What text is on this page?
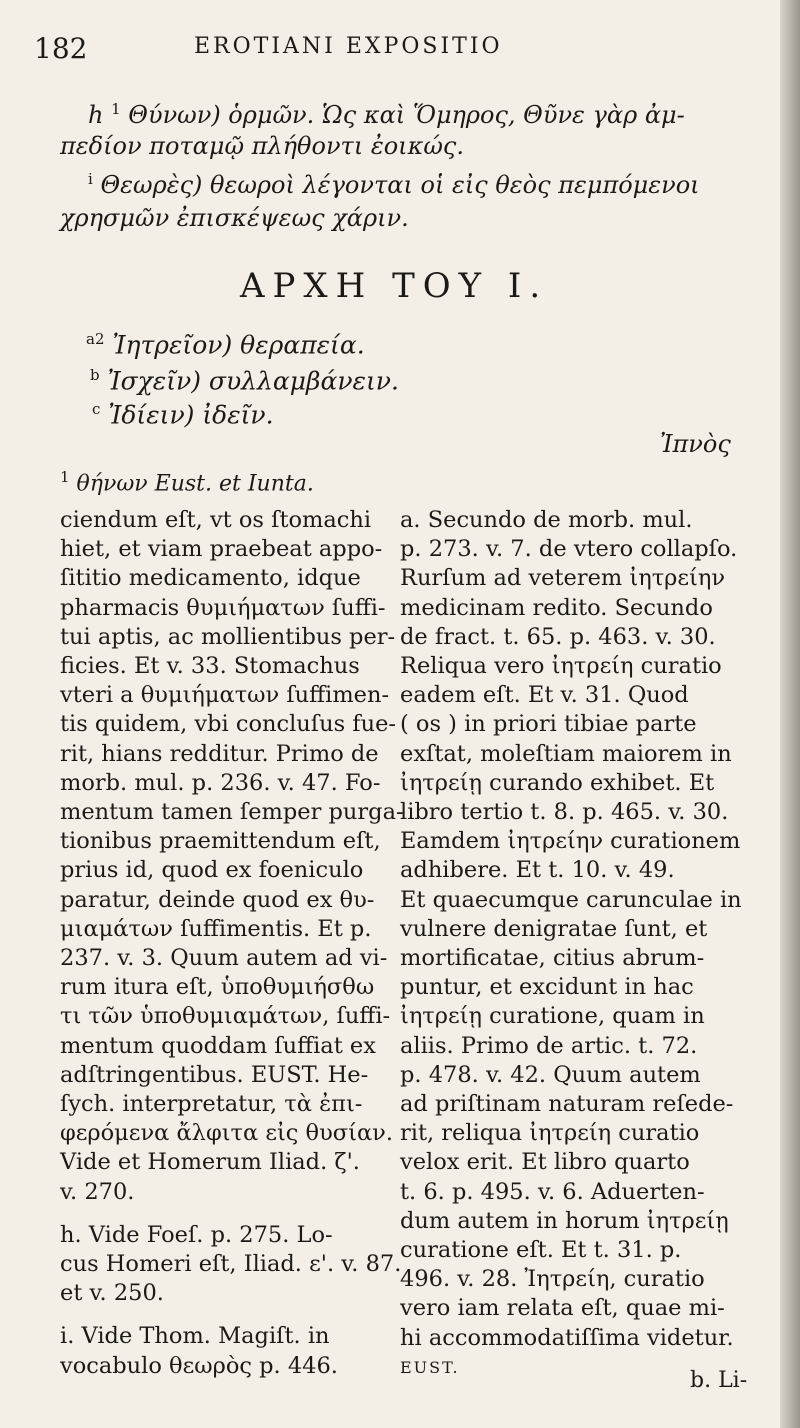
182	EROTIANI EXPOSITIO
h $^1$ Θύνων) ὁρμῶν. Ὡς καὶ Ὅμηρος, Θῦνε γὰρ ἀμ-
πεδίον ποταμῷ πλήθοντι ἐοικώς.
$^i$ Θεωρὲς) θεωροὶ λέγονται οἱ εἰς θεὸς πεμπόμενοι
χρησμῶν ἐπισκέψεως χάριν.
ΑΡΧΗ ΤΟΥ Ι.
$^{a2}$ Ἰητρεῖον) θεραπεία.
$^b$ Ἰσχεῖν) συλλαμβάνειν.
$^c$ Ἰδίειν) ἰδεῖν.
Ἰπνὸς
$^1$ θήνων Eust. et Iunta.
ciendum eſt, vt os ſtomachi
hiet, et viam praebeat appo-
ſititio medicamento, idque
pharmacis θυμιήματων ſuffi-
tui aptis, ac mollientibus per-
ficies. Et v. 33. Stomachus
vteri a θυμιήματων ſuffimen-
tis quidem, vbi concluſus fue-
rit, hians redditur. Primo de
morb. mul. p. 236. v. 47. Fo-
mentum tamen ſemper purga-
tionibus praemittendum eſt,
prius id, quod ex foeniculo
paratur, deinde quod ex θυ-
μιαμάτων ſuffimentis. Et p.
237. v. 3. Quum autem ad vi-
rum itura eſt, ὑποθυμιήσθω
τι τῶν ὑποθυμιαμάτων, ſuffi-
mentum quoddam ſuffiat ex
adſtringentibus. EUST. He-
ſych. interpretatur, τὰ ἐπι-
φερόμενα ἄλφιτα εἰς θυσίαν.
Vide et Homerum Iliad. ζ'.
v. 270.
h. Vide Foeſ. p. 275. Lo-
cus Homeri eſt, Iliad. ε'. v. 87.
et v. 250.
i. Vide Thom. Magiſt. in
vocabulo θεωρὸς p. 446.
a. Secundo de morb. mul.
p. 273. v. 7. de vtero collapſo.
Rurſum ad veterem ἰητρείην
medicinam redito. Secundo
de fract. t. 65. p. 463. v. 30.
Reliqua vero ἰητρείη curatio
eadem eſt. Et v. 31. Quod
( os ) in priori tibiae parte
exſtat, moleſtiam maiorem in
ἰητρείῃ curando exhibet. Et
libro tertio t. 8. p. 465. v. 30.
Eamdem ἰητρείην curationem
adhibere. Et t. 10. v. 49.
Et quaecumque carunculae in
vulnere denigratae ſunt, et
mortificatae, citius abrum-
puntur, et excidunt in hac
ἰητρείῃ curatione, quam in
aliis. Primo de artic. t. 72.
p. 478. v. 42. Quum autem
ad priſtinam naturam reſede-
rit, reliqua ἰητρείη curatio
velox erit. Et libro quarto
t. 6. p. 495. v. 6. Aduerten-
dum autem in horum ἰητρείῃ
curatione eſt. Et t. 31. p.
496. v. 28. Ἰητρείη, curatio
vero iam relata eſt, quae mi-
hi accommodatiſſima videtur.
EUST.
b. Li-
